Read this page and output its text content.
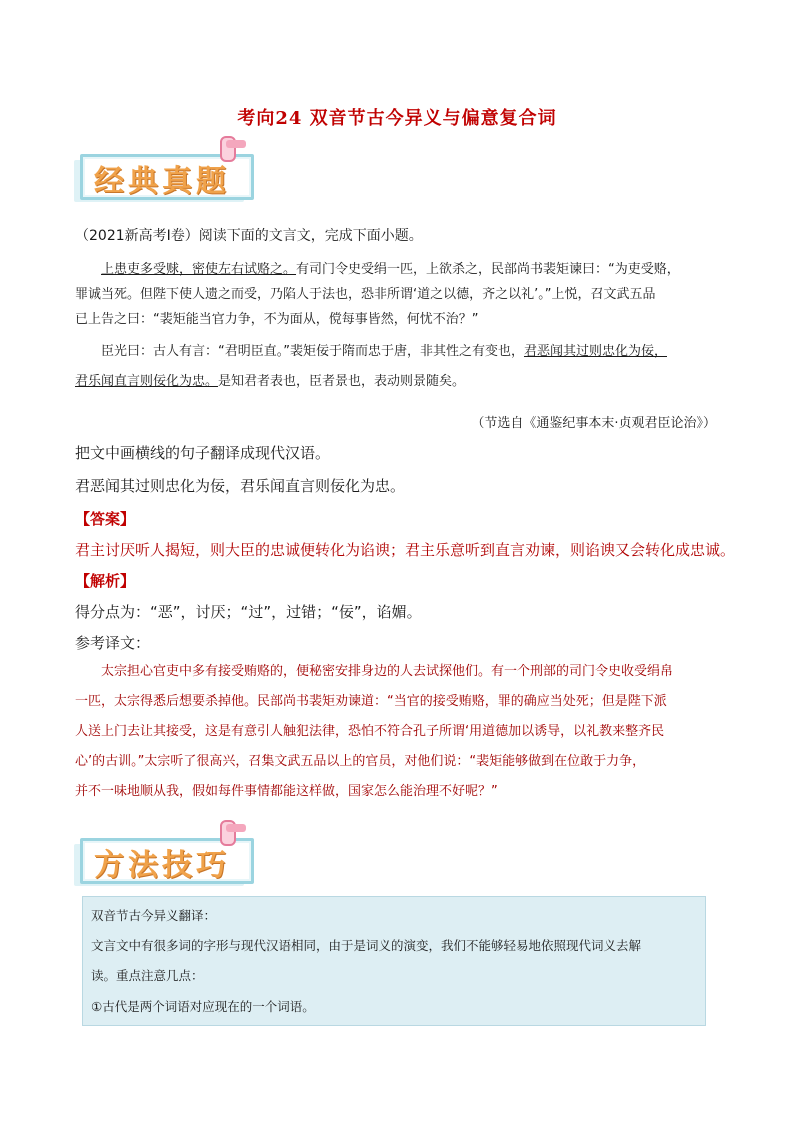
考向24 双音节古今异义与偏意复合词
经典真题
（2021新高考Ⅰ卷）阅读下面的文言文，完成下面小题。
上患吏多受赇，密使左右试赂之。有司门令史受绢一匹，上欲杀之，民部尚书裴矩谏曰：“为吏受赂，
罪诚当死。但陛下使人遗之而受，乃陷人于法也，恐非所谓‘道之以德，齐之以礼’。”上悦，召文武五品
已上告之曰：“裴矩能当官力争，不为面从，傥每事皆然，何忧不治？”
臣光曰：古人有言：“君明臣直。”裴矩佞于隋而忠于唐，非其性之有变也，君恶闻其过则忠化为佞，
君乐闻直言则佞化为忠。是知君者表也，臣者景也，表动则景随矣。
（节选自《通鉴纪事本末·贞观君臣论治》）
把文中画横线的句子翻译成现代汉语。
君恶闻其过则忠化为佞，君乐闻直言则佞化为忠。
【答案】
君主讨厌听人揭短，则大臣的忠诚便转化为谄谀；君主乐意听到直言劝谏，则谄谀又会转化成忠诚。
【解析】
得分点为：“恶”，讨厌；“过”，过错；“佞”，谄媚。
参考译文：
太宗担心官吏中多有接受贿赂的，便秘密安排身边的人去试探他们。有一个刑部的司门令史收受绢帛
一匹，太宗得悉后想要杀掉他。民部尚书裴矩劝谏道：“当官的接受贿赂，罪的确应当处死；但是陛下派
人送上门去让其接受，这是有意引人触犯法律，恐怕不符合孔子所谓‘用道德加以诱导，以礼教来整齐民
心’的古训。”太宗听了很高兴，召集文武五品以上的官员，对他们说：“裴矩能够做到在位敢于力争，
并不一味地顺从我，假如每件事情都能这样做，国家怎么能治理不好呢？”
方法技巧
双音节古今异义翻译：
文言文中有很多词的字形与现代汉语相同，由于是词义的演变，我们不能够轻易地依照现代词义去解
读。重点注意几点：
①古代是两个词语对应现在的一个词语。
